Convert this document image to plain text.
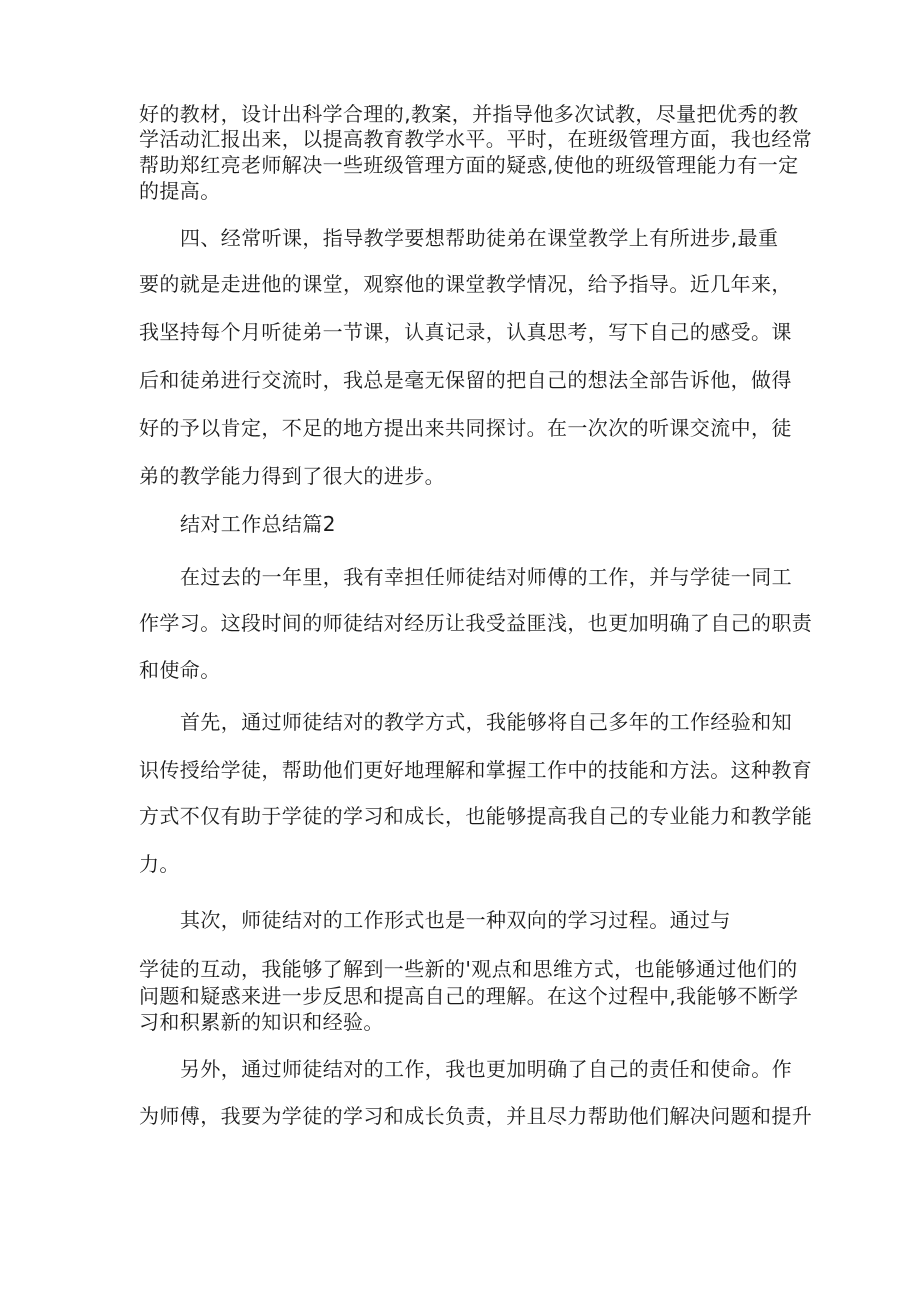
好的教材，设计出科学合理的,教案，并指导他多次试教，尽量把优秀的教
学活动汇报出来，以提高教育教学水平。平时，在班级管理方面，我也经常
帮助郑红亮老师解决一些班级管理方面的疑惑,使他的班级管理能力有一定
的提高。
四、经常听课，指导教学要想帮助徒弟在课堂教学上有所进步,最重
要的就是走进他的课堂，观察他的课堂教学情况，给予指导。近几年来，
我坚持每个月听徒弟一节课，认真记录，认真思考，写下自己的感受。课
后和徒弟进行交流时，我总是毫无保留的把自己的想法全部告诉他，做得
好的予以肯定，不足的地方提出来共同探讨。在一次次的听课交流中，徒
弟的教学能力得到了很大的进步。
结对工作总结篇2
在过去的一年里，我有幸担任师徒结对师傅的工作，并与学徒一同工
作学习。这段时间的师徒结对经历让我受益匪浅，也更加明确了自己的职责
和使命。
首先，通过师徒结对的教学方式，我能够将自己多年的工作经验和知
识传授给学徒，帮助他们更好地理解和掌握工作中的技能和方法。这种教育
方式不仅有助于学徒的学习和成长，也能够提高我自己的专业能力和教学能
力。
其次，师徒结对的工作形式也是一种双向的学习过程。通过与
学徒的互动，我能够了解到一些新的'观点和思维方式，也能够通过他们的
问题和疑惑来进一步反思和提高自己的理解。在这个过程中,我能够不断学
习和积累新的知识和经验。
另外，通过师徒结对的工作，我也更加明确了自己的责任和使命。作
为师傅，我要为学徒的学习和成长负责，并且尽力帮助他们解决问题和提升
